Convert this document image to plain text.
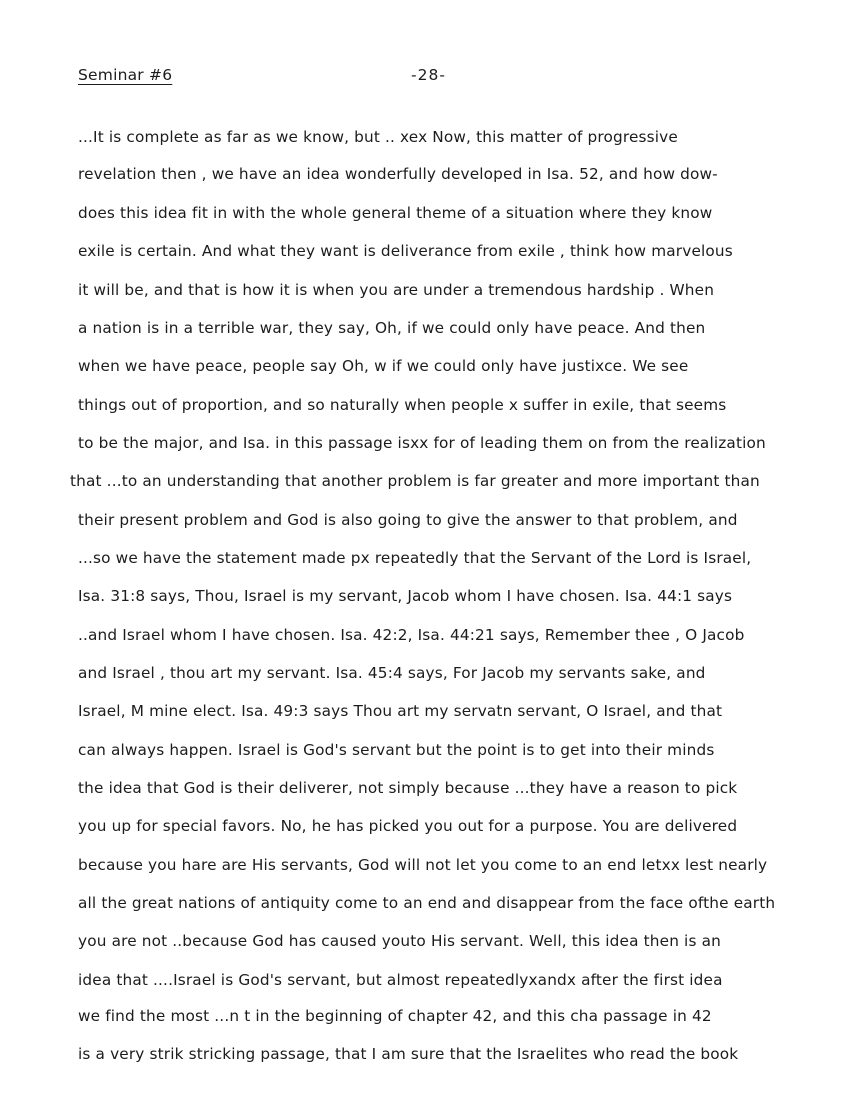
Seminar #6	-28-
...It is complete as far as we know, but .. xex Now, this matter of progressive
revelation then , we have an idea wonderfully developed in Isa. 52, and how dow-
does this idea fit in with the whole general theme of a situation where they know
exile is certain. And what they want is deliverance from exile , think how marvelous
it will be, and that is how it is when you are under a tremendous hardship . When
a nation is in a terrible war, they say, Oh, if we could only have peace. And then
when we have peace, people say Oh, w if we could only have justixce. We see
things out of proportion, and so naturally when people x suffer in exile, that seems
to be the major, and Isa. in this passage isxx for of leading them on from the realization
that ...to an understanding that another problem is far greater and more important than
their present problem and God is also going to give the answer to that problem, and
...so we have the statement made px repeatedly that the Servant of the Lord is Israel,
Isa. 31:8 says, Thou, Israel is my servant, Jacob whom I have chosen. Isa. 44:1 says
..and Israel whom I have chosen. Isa. 42:2, Isa. 44:21 says, Remember thee , O Jacob
and Israel , thou art my servant. Isa. 45:4 says, For Jacob my servants sake, and
Israel, M mine elect. Isa. 49:3 says Thou art my servatn servant, O Israel, and that
can always happen. Israel is God's servant but the point is to get into their minds
the idea that God is their deliverer, not simply because ...they have a reason to pick
you up for special favors. No, he has picked you out for a purpose. You are delivered
because you hare are His servants, God will not let you come to an end letxx lest nearly
all the great nations of antiquity come to an end and disappear from the face ofthe earth
you are not ..because God has caused youto His servant. Well, this idea then is an
idea that ....Israel is God's servant, but almost repeatedlyxandx after the first idea
we find the most ...n t in the beginning of chapter 42, and this cha passage in 42
is a very strik stricking passage, that I am sure that the Israelites who read the book
